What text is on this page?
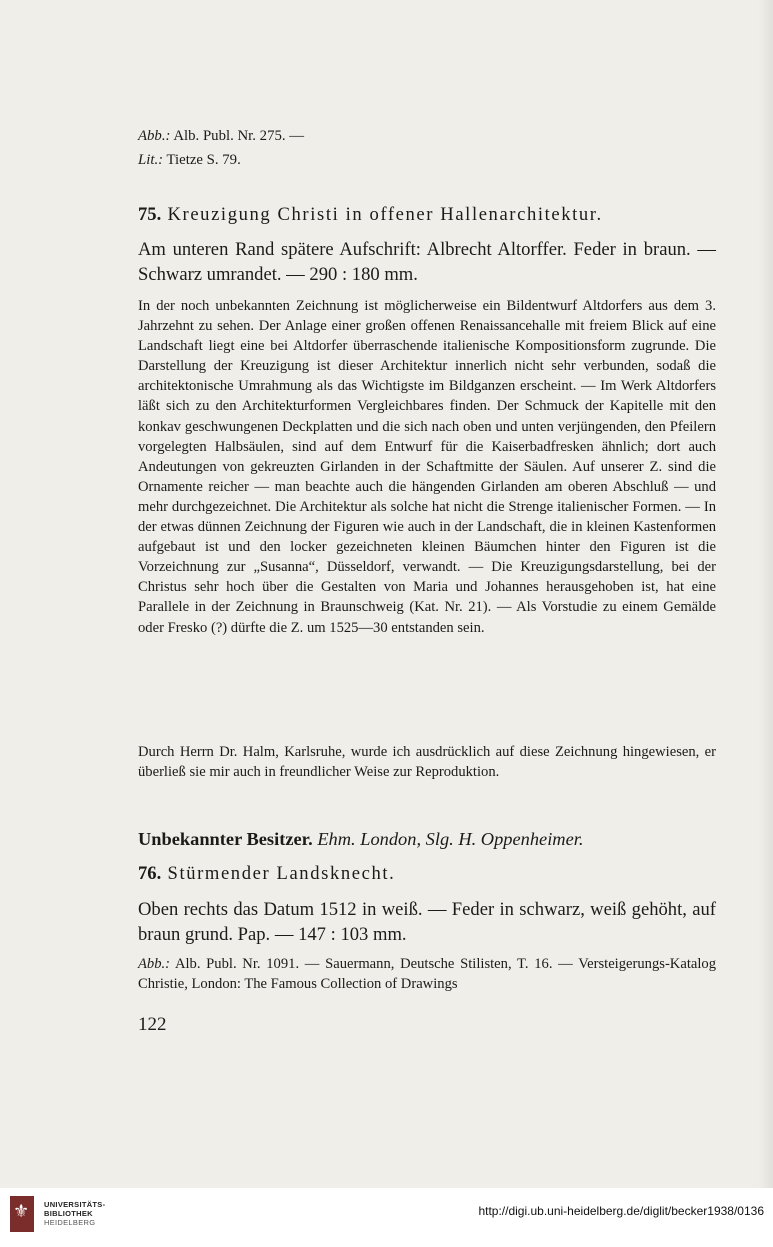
Abb.: Alb. Publ. Nr. 275. —
Lit.: Tietze S. 79.
75. Kreuzigung Christi in offener Hallenarchitektur.
Am unteren Rand spätere Aufschrift: Albrecht Altorffer. Feder in braun. — Schwarz umrandet. — 290 : 180 mm.
In der noch unbekannten Zeichnung ist möglicherweise ein Bildentwurf Altdorfers aus dem 3. Jahrzehnt zu sehen. Der Anlage einer großen offenen Renaissancehalle mit freiem Blick auf eine Landschaft liegt eine bei Altdorfer überraschende italienische Kompositionsform zugrunde. Die Darstellung der Kreuzigung ist dieser Architektur innerlich nicht sehr verbunden, sodaß die architektonische Umrahmung als das Wichtigste im Bildganzen erscheint. — Im Werk Altdorfers läßt sich zu den Architekturformen Vergleichbares finden. Der Schmuck der Kapitelle mit den konkav geschwungenen Deckplatten und die sich nach oben und unten verjüngenden, den Pfeilern vorgelegten Halbsäulen, sind auf dem Entwurf für die Kaiserbadfresken ähnlich; dort auch Andeutungen von gekreuzten Girlanden in der Schaftmitte der Säulen. Auf unserer Z. sind die Ornamente reicher — man beachte auch die hängenden Girlanden am oberen Abschluß — und mehr durchgezeichnet. Die Architektur als solche hat nicht die Strenge italienischer Formen. — In der etwas dünnen Zeichnung der Figuren wie auch in der Landschaft, die in kleinen Kastenformen aufgebaut ist und den locker gezeichneten kleinen Bäumchen hinter den Figuren ist die Vorzeichnung zur „Susanna“, Düsseldorf, verwandt. — Die Kreuzigungsdarstellung, bei der Christus sehr hoch über die Gestalten von Maria und Johannes herausgehoben ist, hat eine Parallele in der Zeichnung in Braunschweig (Kat. Nr. 21). — Als Vorstudie zu einem Gemälde oder Fresko (?) dürfte die Z. um 1525—30 entstanden sein.
Durch Herrn Dr. Halm, Karlsruhe, wurde ich ausdrücklich auf diese Zeichnung hingewiesen, er überließ sie mir auch in freundlicher Weise zur Reproduktion.
Unbekannter Besitzer. Ehm. London, Slg. H. Oppenheimer.
76. Stürmender Landsknecht.
Oben rechts das Datum 1512 in weiß. — Feder in schwarz, weiß gehöht, auf braun grund. Pap. — 147 : 103 mm.
Abb.: Alb. Publ. Nr. 1091. — Sauermann, Deutsche Stilisten, T. 16. — Versteigerungs-Katalog Christie, London: The Famous Collection of Drawings
122
⚜ UNIVERSITÄTS-
BIBLIOTHEK
HEIDELBERG
http://digi.ub.uni-heidelberg.de/diglit/becker1938/0136
